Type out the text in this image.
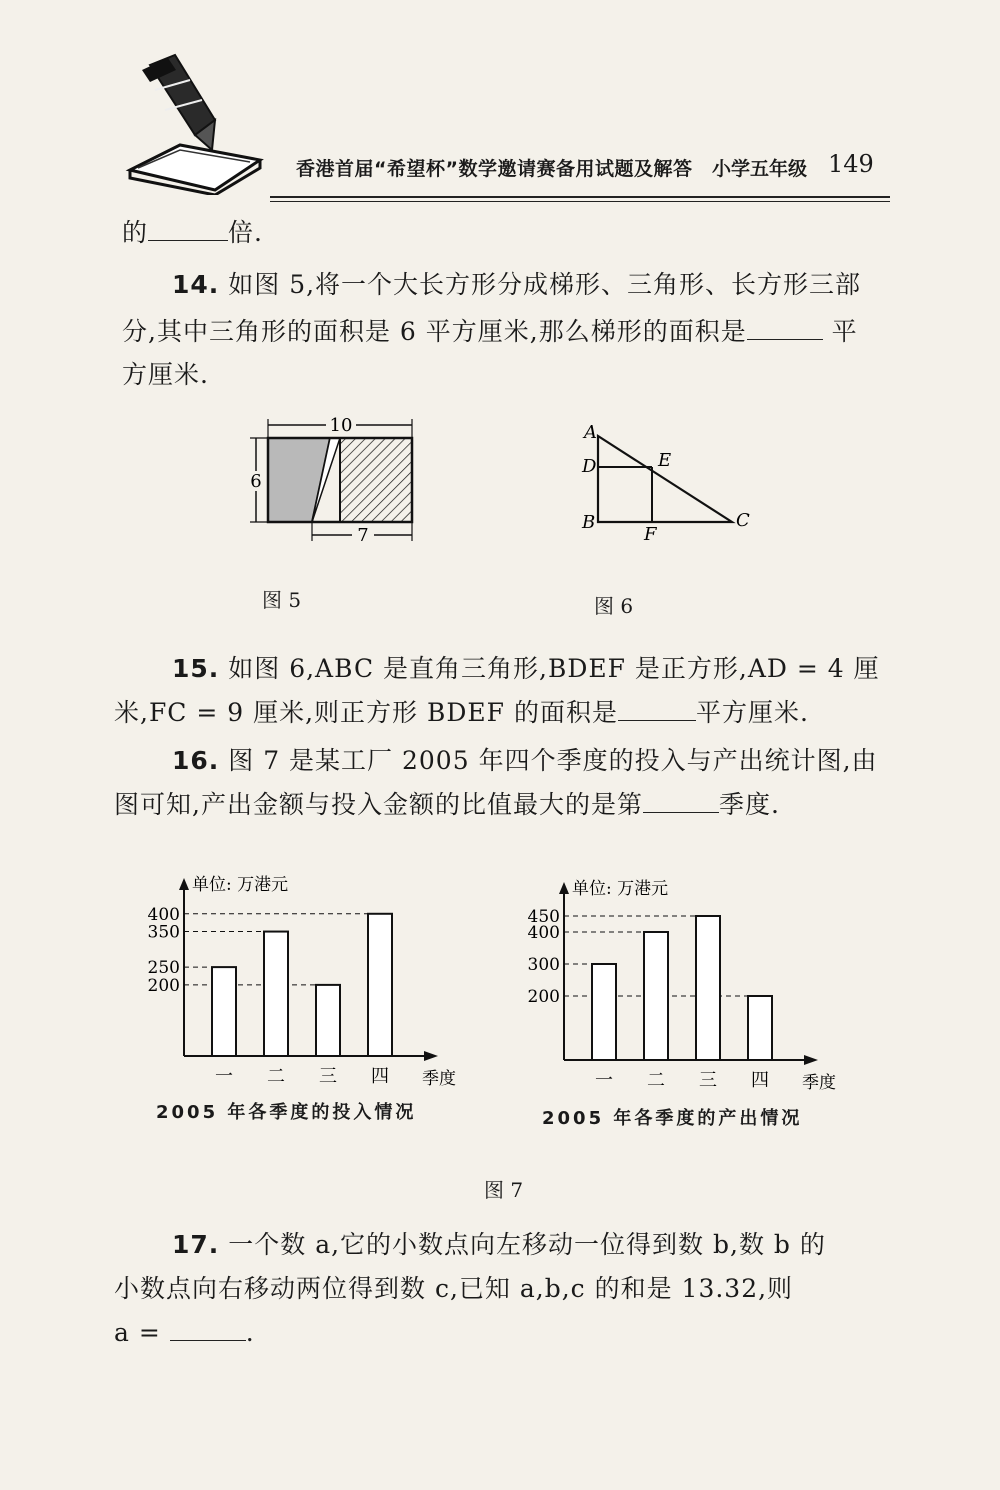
香港首届“希望杯”数学邀请赛备用试题及解答 小学五年级 149
的	倍.
14. 如图 5,将一个大长方形分成梯形、三角形、长方形三部
分,其中三角形的面积是 6 平方厘米,那么梯形的面积是	平
方厘米.
10
6
7
图 5
A
D	E
B
F
C
图 6
15. 如图 6,ABC 是直角三角形,BDEF 是正方形,AD = 4 厘
米,FC = 9 厘米,则正方形 BDEF 的面积是	平方厘米.
16. 图 7 是某工厂 2005 年四个季度的投入与产出统计图,由
图可知,产出金额与投入金额的比值最大的是第	季度.
单位: 万港元
季度
200
250
350
400
一 二 三 四
单位: 万港元
季度
200
300
400
450
一 二 三 四
2005 年各季度的投入情况	2005 年各季度的产出情况
图 7
17. 一个数 a,它的小数点向左移动一位得到数 b,数 b 的
小数点向右移动两位得到数 c,已知 a,b,c 的和是 13.32,则
a =	.
